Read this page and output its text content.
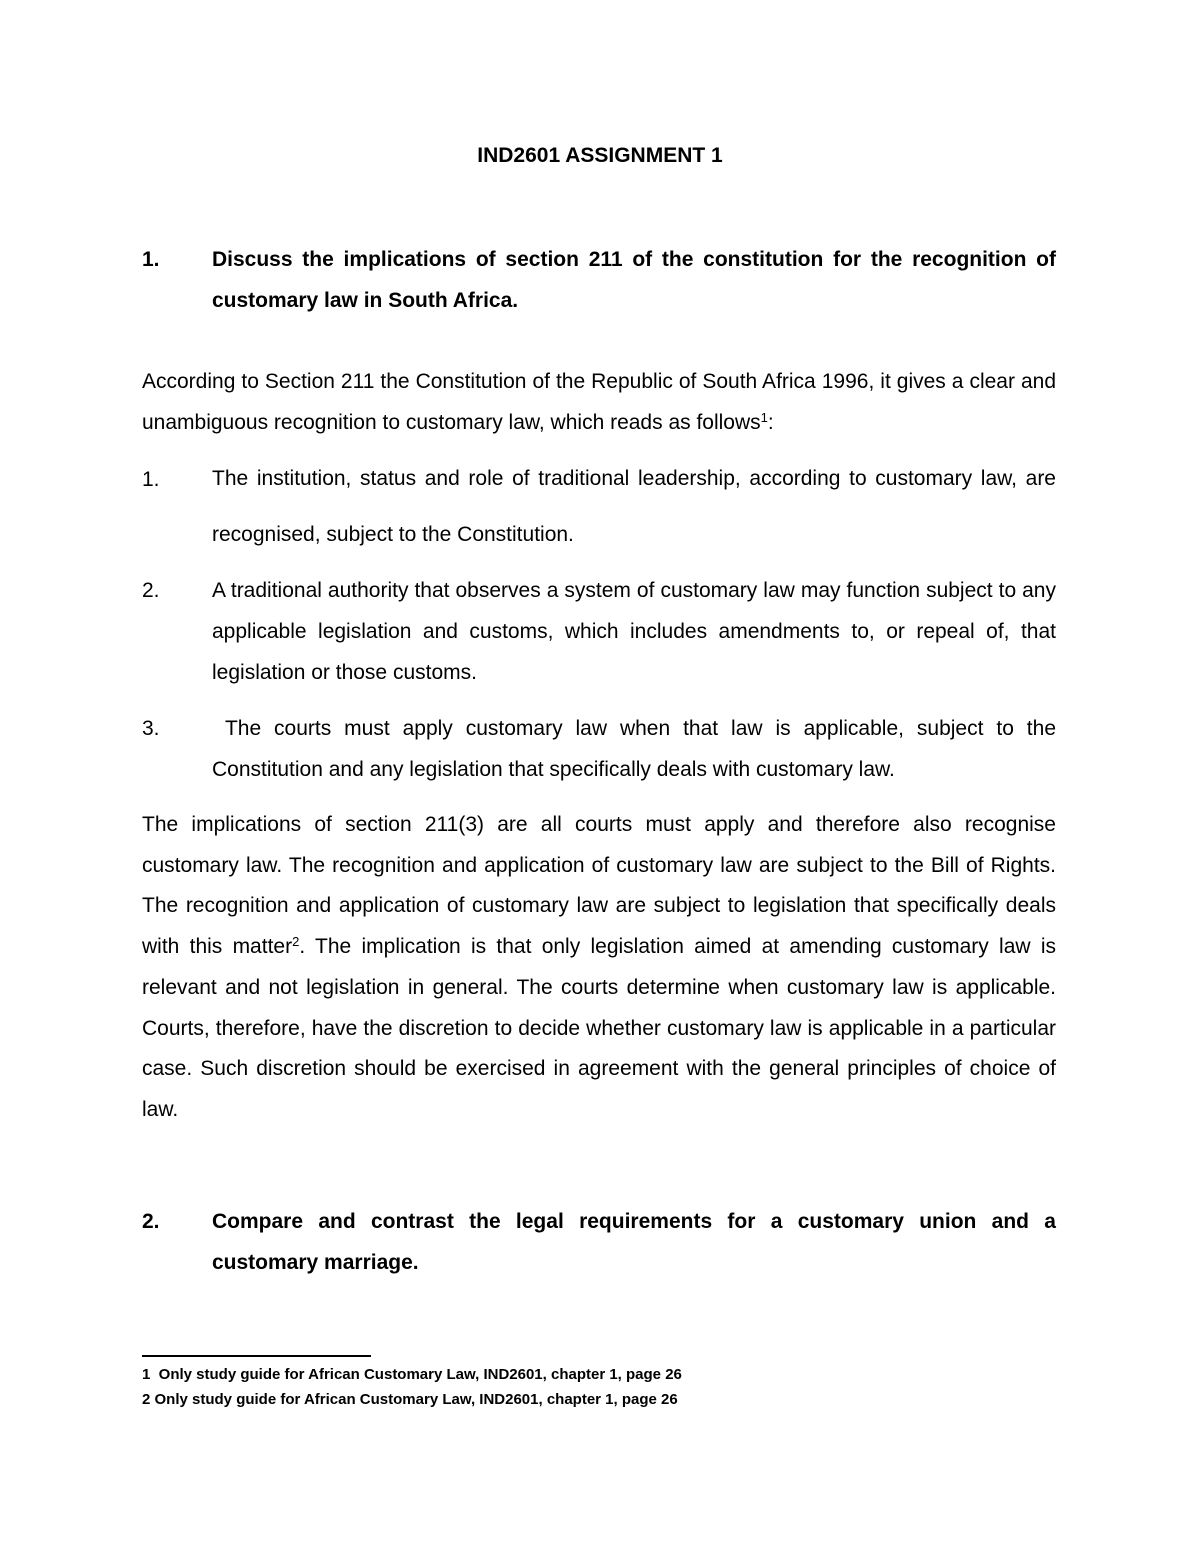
IND2601 ASSIGNMENT 1
1. Discuss the implications of section 211 of the constitution for the recognition of customary law in South Africa.
According to Section 211 the Constitution of the Republic of South Africa 1996, it gives a clear and unambiguous recognition to customary law, which reads as follows$^1$:
1. The institution, status and role of traditional leadership, according to customary law, are recognised, subject to the Constitution.
2. A traditional authority that observes a system of customary law may function subject to any applicable legislation and customs, which includes amendments to, or repeal of, that legislation or those customs.
3. The courts must apply customary law when that law is applicable, subject to the Constitution and any legislation that specifically deals with customary law.
The implications of section 211(3) are all courts must apply and therefore also recognise customary law. The recognition and application of customary law are subject to the Bill of Rights. The recognition and application of customary law are subject to legislation that specifically deals with this matter$^2$. The implication is that only legislation aimed at amending customary law is relevant and not legislation in general. The courts determine when customary law is applicable. Courts, therefore, have the discretion to decide whether customary law is applicable in a particular case. Such discretion should be exercised in agreement with the general principles of choice of law.
2. Compare and contrast the legal requirements for a customary union and a customary marriage.
1  Only study guide for African Customary Law, IND2601, chapter 1, page 26
2 Only study guide for African Customary Law, IND2601, chapter 1, page 26
